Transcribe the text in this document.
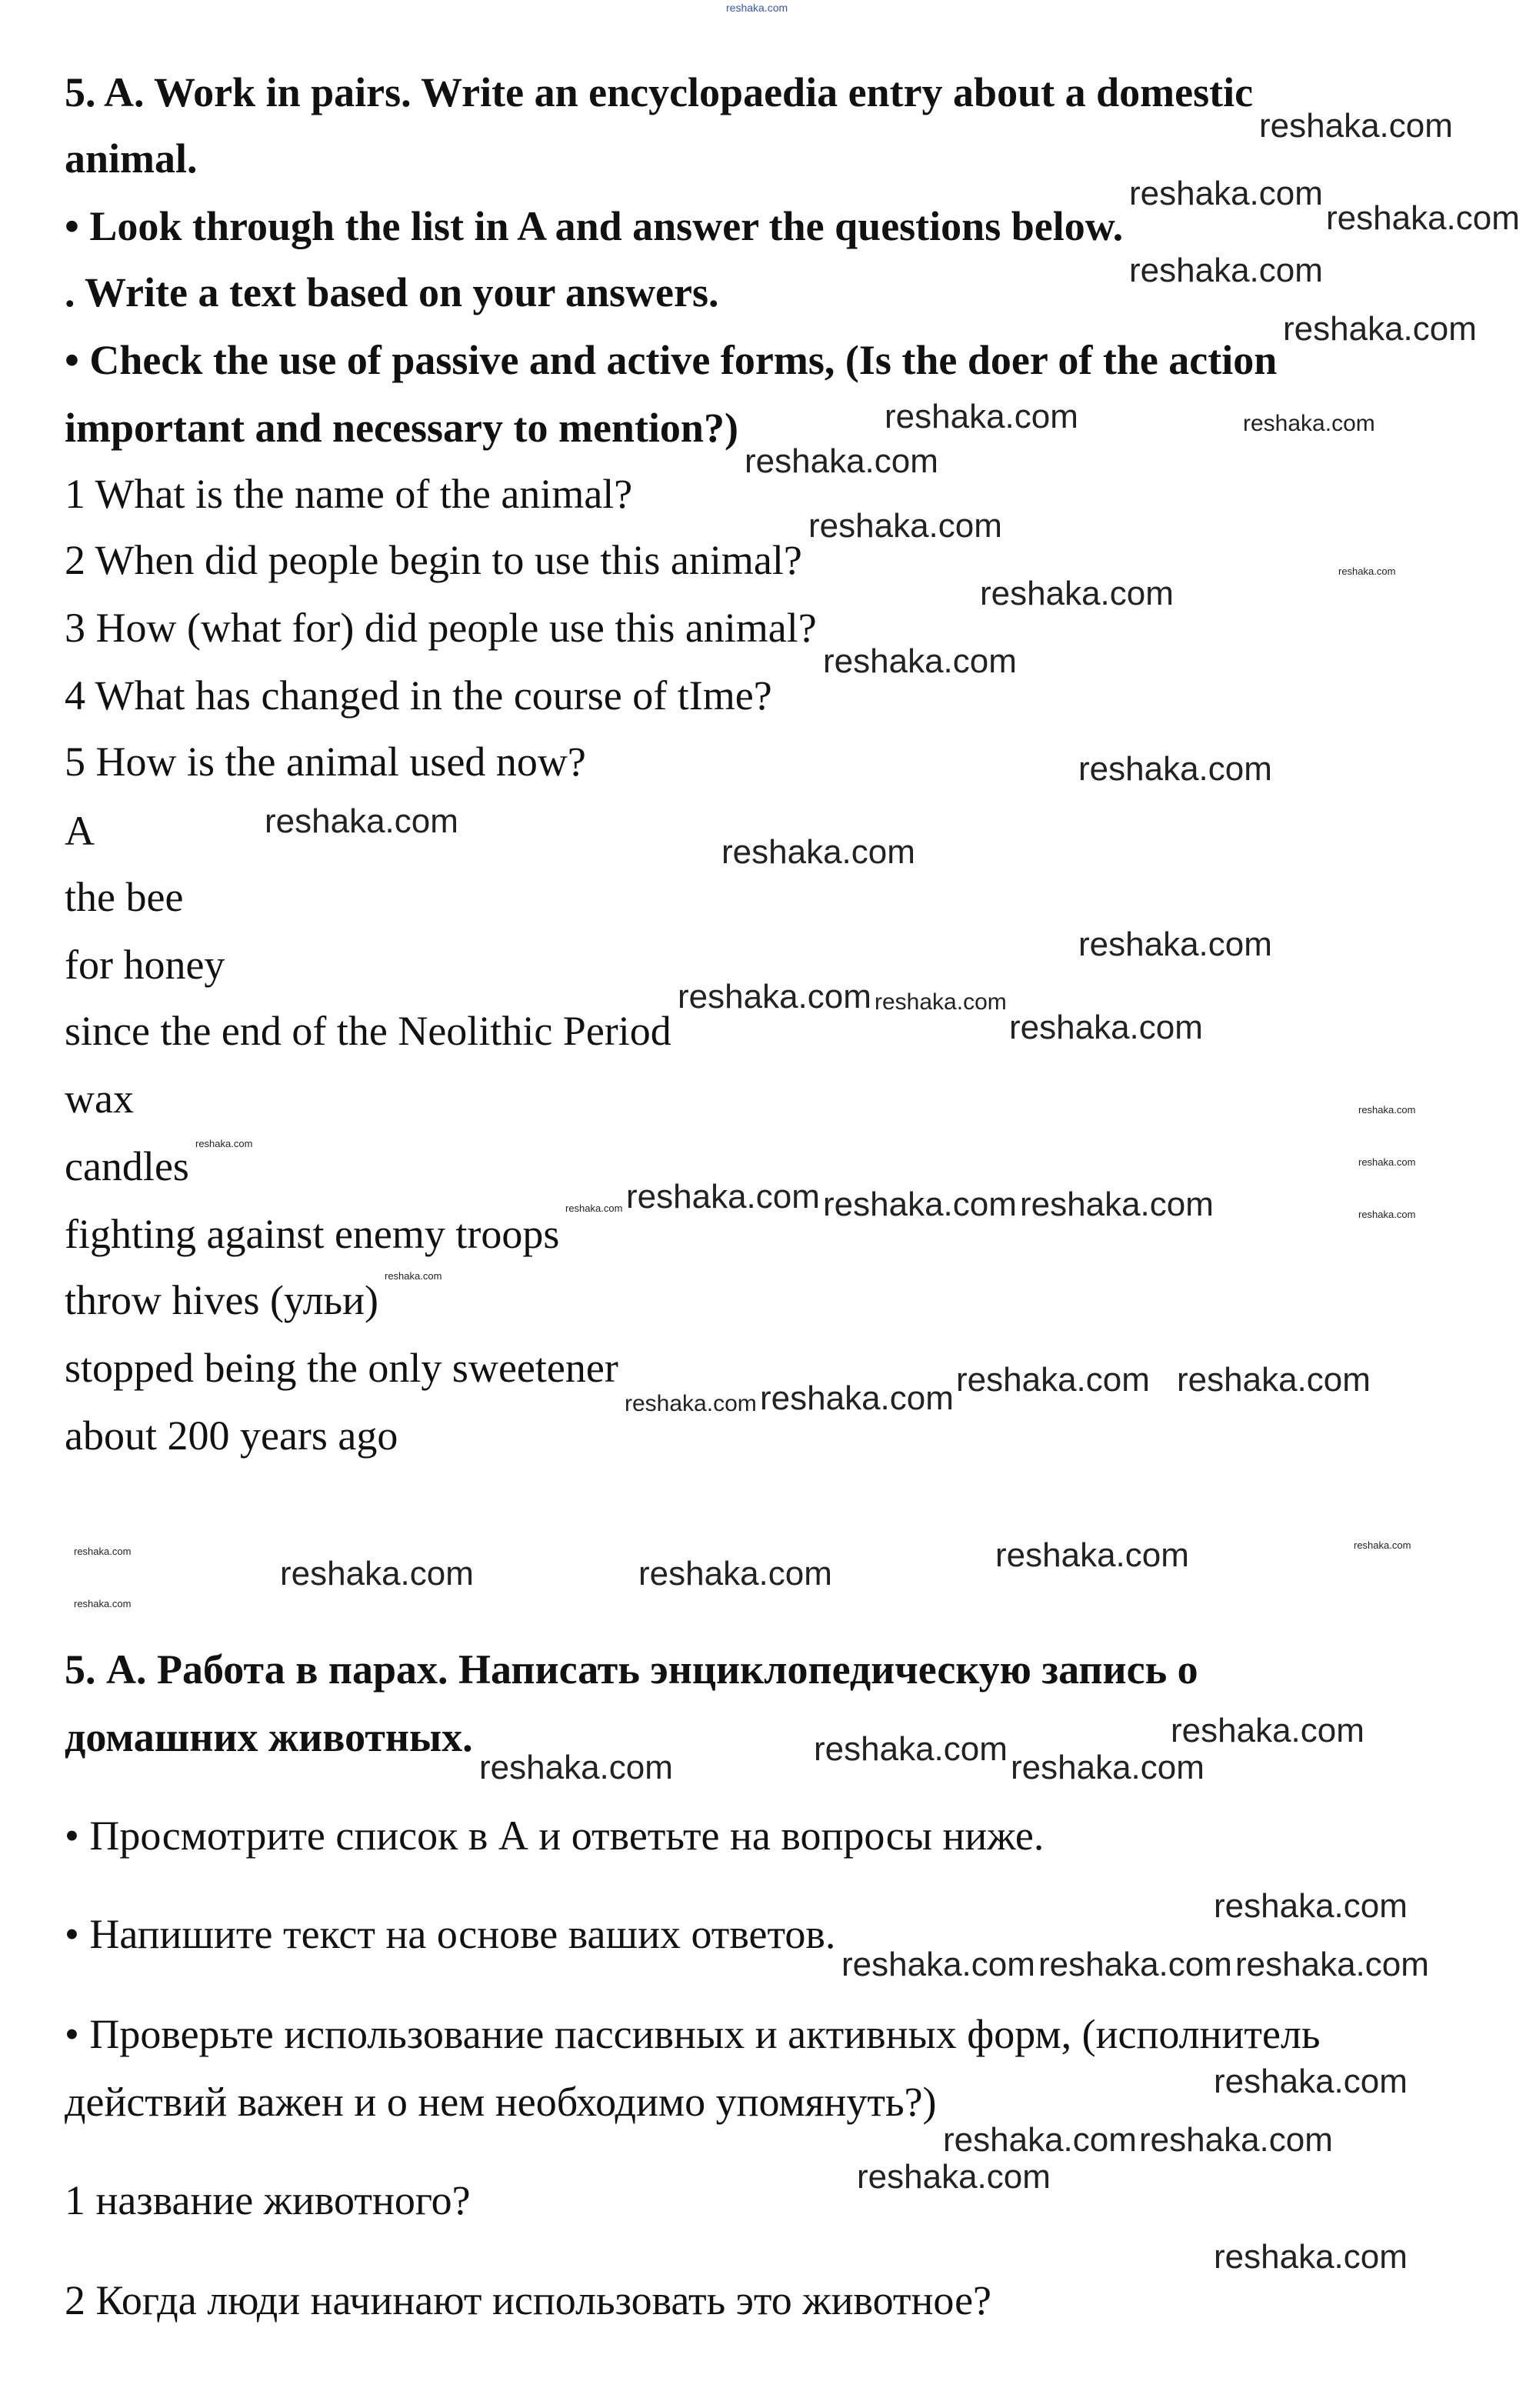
reshaka.com
5. A. Work in pairs. Write an encyclopaedia entry about a domestic
animal.
• Look through the list in A and answer the questions below.
. Write a text based on your answers.
• Check the use of passive and active forms, (Is the doer of the action
important and necessary to mention?)
1 What is the name of the animal?
2 When did people begin to use this animal?
3 How (what for) did people use this animal?
4 What has changed in the course of tIme?
5 How is the animal used now?
A
the bee
for honey
since the end of the Neolithic Period
wax
candles
fighting against enemy troops
throw hives (ульи)
stopped being the only sweetener
about 200 years ago
5. А. Работа в парах. Написать энциклопедическую запись о
домашних животных.
• Просмотрите список в А и ответьте на вопросы ниже.
• Напишите текст на основе ваших ответов.
• Проверьте использование пассивных и активных форм, (исполнитель
действий важен и о нем необходимо упомянуть?)
1 название животного?
2 Когда люди начинают использовать это животное?
reshaka.com
reshaka.com
reshaka.com
reshaka.com
reshaka.com
reshaka.com	reshaka.com
reshaka.com
reshaka.com
reshaka.com
reshaka.com
reshaka.com
reshaka.com
reshaka.com
reshaka.com
reshaka.com
reshaka.com reshaka.com
reshaka.com
reshaka.com
reshaka.com
reshaka.com
reshaka.com
reshaka.com
reshaka.com
reshaka.com reshaka.com reshaka.com
reshaka.com reshaka.com reshaka.com reshaka.com
reshaka.com
reshaka.com
reshaka.com	reshaka.com	reshaka.com	reshaka.com
reshaka.com	reshaka.com
reshaka.com	reshaka.com
reshaka.com
reshaka.com reshaka.com reshaka.com
reshaka.com
reshaka.com reshaka.com
reshaka.com
reshaka.com
